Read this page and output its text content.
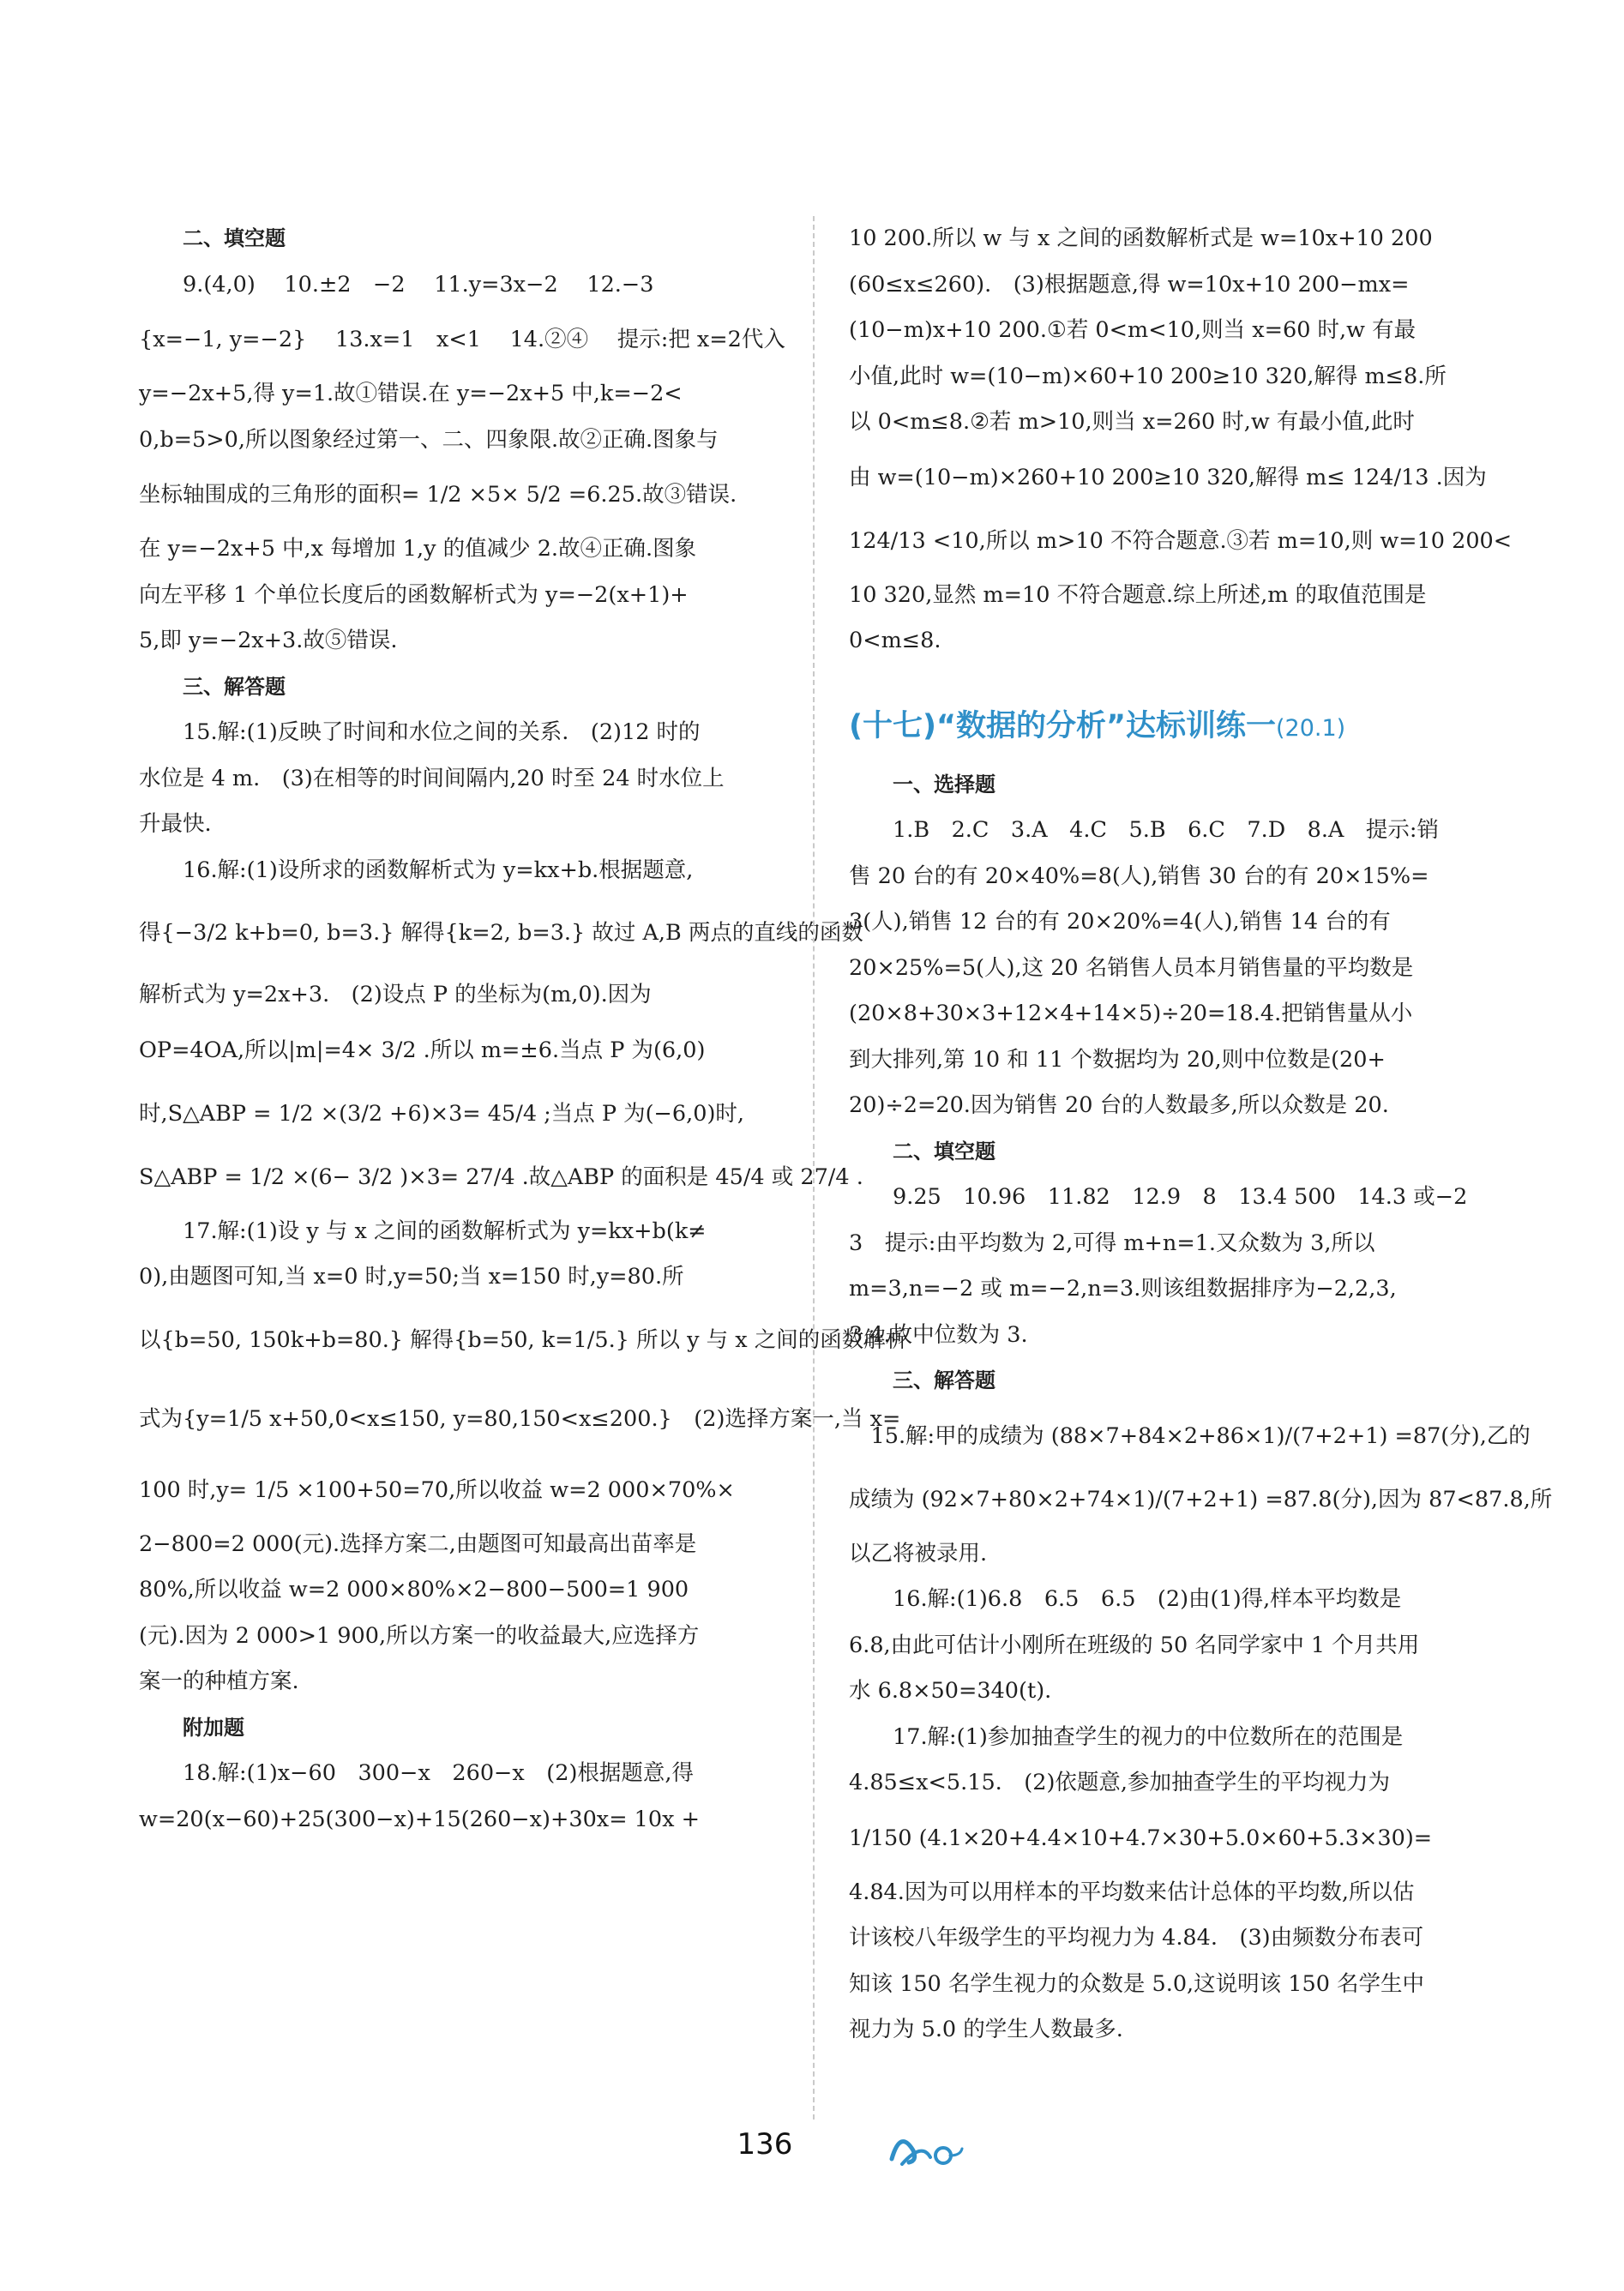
二、填空题
9.(4,0)　 10.±2　−2　 11.y=3x−2　 12.−3
{x=−1, y=−2}　 13.x=1　x<1　 14.②④　 提示:把 x=2代入
y=−2x+5,得 y=1.故①错误.在 y=−2x+5 中,k=−2<
0,b=5>0,所以图象经过第一、二、四象限.故②正确.图象与
坐标轴围成的三角形的面积= 1/2 ×5× 5/2 =6.25.故③错误.
在 y=−2x+5 中,x 每增加 1,y 的值减少 2.故④正确.图象
向左平移 1 个单位长度后的函数解析式为 y=−2(x+1)+
5,即 y=−2x+3.故⑤错误.
三、解答题
15.解:(1)反映了时间和水位之间的关系.　(2)12 时的
水位是 4 m.　(3)在相等的时间间隔内,20 时至 24 时水位上
升最快.
16.解:(1)设所求的函数解析式为 y=kx+b.根据题意,
得{−3/2 k+b=0, b=3.} 解得{k=2, b=3.} 故过 A,B 两点的直线的函数
解析式为 y=2x+3.　(2)设点 P 的坐标为(m,0).因为
OP=4OA,所以|m|=4× 3/2 .所以 m=±6.当点 P 为(6,0)
时,S△ABP = 1/2 ×(3/2 +6)×3= 45/4 ;当点 P 为(−6,0)时,
S△ABP = 1/2 ×(6− 3/2 )×3= 27/4 .故△ABP 的面积是 45/4 或 27/4 .
17.解:(1)设 y 与 x 之间的函数解析式为 y=kx+b(k≠
0),由题图可知,当 x=0 时,y=50;当 x=150 时,y=80.所
以{b=50, 150k+b=80.} 解得{b=50, k=1/5.} 所以 y 与 x 之间的函数解析
式为{y=1/5 x+50,0<x≤150, y=80,150<x≤200.}　(2)选择方案一,当 x=
100 时,y= 1/5 ×100+50=70,所以收益 w=2 000×70%×
2−800=2 000(元).选择方案二,由题图可知最高出苗率是
80%,所以收益 w=2 000×80%×2−800−500=1 900
(元).因为 2 000>1 900,所以方案一的收益最大,应选择方
案一的种植方案.
附加题
18.解:(1)x−60　300−x　260−x　(2)根据题意,得
w=20(x−60)+25(300−x)+15(260−x)+30x= 10x +
10 200.所以 w 与 x 之间的函数解析式是 w=10x+10 200
(60≤x≤260).　(3)根据题意,得 w=10x+10 200−mx=
(10−m)x+10 200.①若 0<m<10,则当 x=60 时,w 有最
小值,此时 w=(10−m)×60+10 200≥10 320,解得 m≤8.所
以 0<m≤8.②若 m>10,则当 x=260 时,w 有最小值,此时
由 w=(10−m)×260+10 200≥10 320,解得 m≤ 124/13 .因为
124/13 <10,所以 m>10 不符合题意.③若 m=10,则 w=10 200<
10 320,显然 m=10 不符合题意.综上所述,m 的取值范围是
0<m≤8.
(十七)“数据的分析”达标训练一(20.1)
一、选择题
1.B　2.C　3.A　4.C　5.B　6.C　7.D　8.A　提示:销
售 20 台的有 20×40%=8(人),销售 30 台的有 20×15%=
3(人),销售 12 台的有 20×20%=4(人),销售 14 台的有
20×25%=5(人),这 20 名销售人员本月销售量的平均数是
(20×8+30×3+12×4+14×5)÷20=18.4.把销售量从小
到大排列,第 10 和 11 个数据均为 20,则中位数是(20+
20)÷2=20.因为销售 20 台的人数最多,所以众数是 20.
二、填空题
9.25　10.96　11.82　12.9　8　13.4 500　14.3 或−2
3　提示:由平均数为 2,可得 m+n=1.又众数为 3,所以
m=3,n=−2 或 m=−2,n=3.则该组数据排序为−2,2,3,
3,4.故中位数为 3.
三、解答题
　15.解:甲的成绩为 (88×7+84×2+86×1)/(7+2+1) =87(分),乙的
成绩为 (92×7+80×2+74×1)/(7+2+1) =87.8(分),因为 87<87.8,所
以乙将被录用.
16.解:(1)6.8　6.5　6.5　(2)由(1)得,样本平均数是
6.8,由此可估计小刚所在班级的 50 名同学家中 1 个月共用
水 6.8×50=340(t).
17.解:(1)参加抽查学生的视力的中位数所在的范围是
4.85≤x<5.15.　(2)依题意,参加抽查学生的平均视力为
1/150 (4.1×20+4.4×10+4.7×30+5.0×60+5.3×30)=
4.84.因为可以用样本的平均数来估计总体的平均数,所以估
计该校八年级学生的平均视力为 4.84.　(3)由频数分布表可
知该 150 名学生视力的众数是 5.0,这说明该 150 名学生中
视力为 5.0 的学生人数最多.
136
